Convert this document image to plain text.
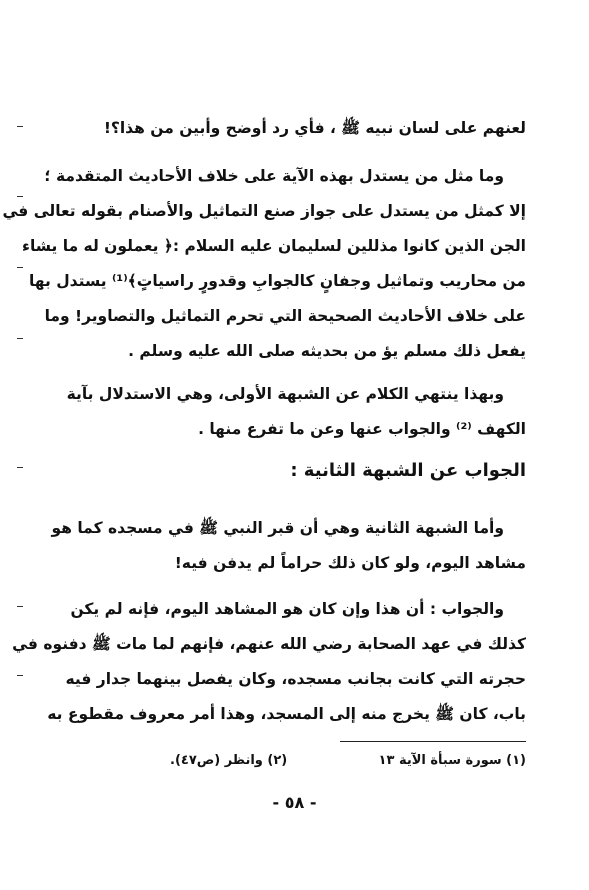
لعنهم على لسان نبيه ﷺ ، فأي رد أوضح وأبين من هذا؟!
وما مثل من يستدل بهذه الآية على خلاف الأحاديث المتقدمة ؛
إلا كمثل من يستدل على جواز صنع التماثيل والأصنام بقوله تعالى في
الجن الذين كانوا مذللين لسليمان عليه السلام :﴿ يعملون له ما يشاء
من محاريب وتماثيل وجفانٍ كالجوابِ وقدورٍ راسياتٍ﴾⁽¹⁾ يستدل بها
على خلاف الأحاديث الصحيحة التي تحرم التماثيل والتصاوير! وما
يفعل ذلك مسلم يؤ من بحديثه صلى الله عليه وسلم .
وبهذا ينتهي الكلام عن الشبهة الأولى، وهي الاستدلال بآية
الكهف ⁽²⁾ والجواب عنها وعن ما تفرع منها .
الجواب عن الشبهة الثانية :
وأما الشبهة الثانية وهي أن قبر النبي ﷺ في مسجده كما هو
مشاهد اليوم، ولو كان ذلك حراماً لم يدفن فيه!
والجواب : أن هذا وإن كان هو المشاهد اليوم، فإنه لم يكن
كذلك في عهد الصحابة رضي الله عنهم، فإنهم لما مات ﷺ دفنوه في
حجرته التي كانت بجانب مسجده، وكان يفصل بينهما جدار فيه
باب، كان ﷺ يخرج منه إلى المسجد، وهذا أمر معروف مقطوع به
(١) سورة سبأة الآية ١٣
(٢) وانظر (ص٤٧).
- ٥٨ -
